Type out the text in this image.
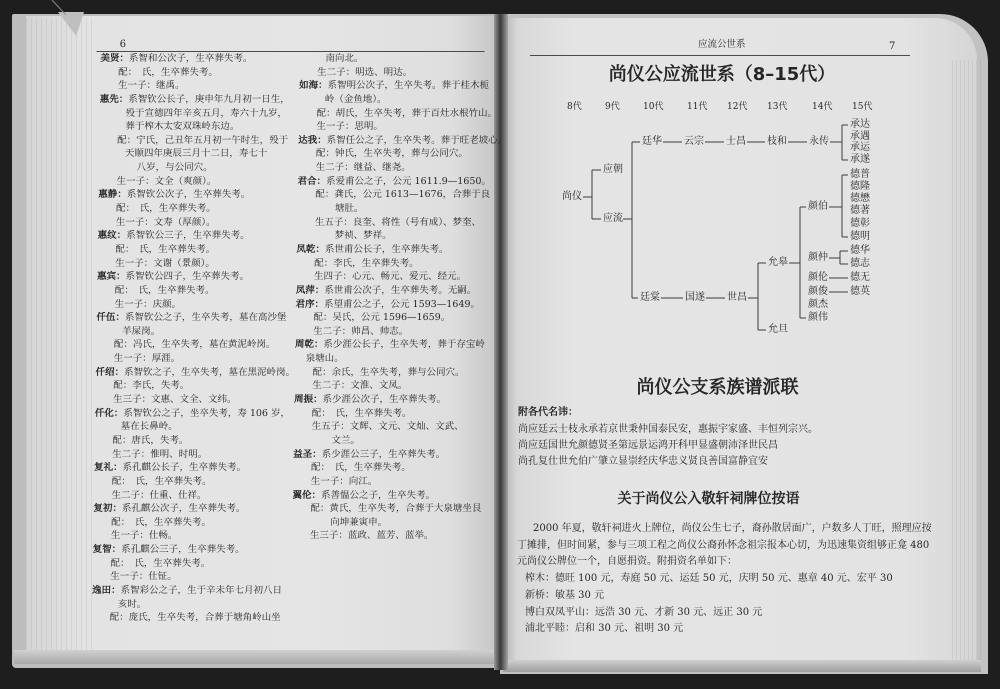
6
美贤：系智和公次子，生卒葬失考。
配：　氏，生卒葬失考。
生一子：继禹。
惠先：系智钦公长子，庚申年九月初一日生，
殁于宣德四年辛亥五月，寿六十九岁，
葬于榨木太安双珠岭东边。
配：宁氏，己丑年五月初一午时生，殁于
天顺四年庚辰三月十二日，寿七十
八岁，与公同穴。
生一子：文全（爽颜）。
惠静：系智钦公次子，生卒葬失考。
配：　氏，生卒葬失考。
生一子：文寿（厚颜）。
惠纹：系智钦公三子，生卒葬失考。
配：　氏，生卒葬失考。
生一子：文谢（景颜）。
惠宾：系智钦公四子，生卒葬失考。
配：　氏，生卒葬失考。
生一子：庆颜。
仟伍：系智钦公之子，生卒失考，墓在高沙堡
羊屎岗。
配：冯氏，生卒失考，墓在黄泥岭岗。
生一子：厚涯。
仟绍：系智钦之子，生卒失考，墓在黑泥岭岗。
配：李氏，失考。
生三子：文惠、文全、文纬。
仟化：系智钦公之子，坐卒失考，寿 106 岁，
墓在长鼻岭。
配：唐氏，失考。
生二子：惟明、时明。
复礼：系孔麒公长子，生卒葬失考。
配：　氏，生卒葬失考。
生二子：仕重、仕祥。
复初：系孔麒公次子，生卒葬失考。
配：　氏，生卒葬失考。
生一子：仕畅。
复智：系孔麒公三子，生卒葬失考。
配：　氏，生卒葬失考。
生一子：仕钲。
逸田：系智彩公之子，生于辛未年七月初八日
亥时。
配：庞氏，生卒失考，合葬于塘角岭山坐
南向北。
生二子：明选、明达。
如海：系智明公次子，生卒失考。葬于桂木栀
岭（金鱼地）。
配：胡氏，生卒失考，葬于百灶水根竹山。
生一子：思明。
达我：系智任公之子，生卒失考。葬于旺老坡心。
配：钟氏，生卒失考，葬与公同穴。
生二子：继益、继尧。
君合：系爱甫公之子，公元 1611.9—1650。
配：龚氏，公元 1613—1676，合葬于良
塘肚。
生五子：良奎、将性（号有成）、梦奎、
梦祯、梦祥。
凤乾：系世甫公长子，生卒葬失考。
配：李氏，生卒葬失考。
生四子：心元、畅元、爱元、经元。
凤萍：系世甫公次子，生卒葬失考。无嗣。
君序：系望甫公之子，公元 1593—1649。
配：吴氏，公元 1596—1659。
生二子：帅昌、帅志。
周乾：系少涯公长子，生卒失考，葬于存宝岭
泉塘山。
配：余氏，生卒失考，葬与公同穴。
生二子：文淮、文凤。
周振：系少涯公次子，生卒葬失考。
配：　氏，生卒葬失考。
生五子：文辉、文元、文灿、文武、
文兰。
益圣：系少涯公三子，生卒葬失考。
配：　氏，生卒葬失考。
生一子：向江。
翼伦：系善愠公之子，生卒失考。
配：黄氏，生卒失考，合葬于大泉塘坐艮
向坤兼寅申。
生三子：蓝政、蓝芳、蓝举。
应流公世系	7
尚仪公应流世系（8–15代）
8代	9代	10代	11代 12代 13代	14代 15代
尚仪
应朝
应流
廷华 云宗 士昌 枝和 永传
承达
承遇
承运
承遂
廷棠	国遂 世昌
允皋
允旦
颜伯
颜仲
颜伦
颜俊
颜杰
颜伟
德普
德隆
德懋
德著
德彰
德明
德华
德志
德无
德英
尚仪公支系族谱派联
附各代名讳：
尚应廷云士枝永承若京世秉仲国泰民安，惠振宇家盛、丰恒列宗兴。
尚应廷国世允颜德贤圣第远景运鸿开科甲显盛朝沛泽世民昌
尚孔复仕世允伯广肇立显崇经庆华忠义贤良善国富静宜安
关于尚仪公入敬轩祠牌位按语
2000 年夏，敬轩祠进火上牌位，尚仪公生七子，裔孙散居面广，户数多人丁旺，照理应按
丁摊排，但时间紧，参与三项工程之尚仪公裔孙怀念祖宗报本心切，为迅速集资组够正龛 480
元尚仪公牌位一个，自愿捐资。附捐资名单如下：
榨木：德旺 100 元，寿庭 50 元、运廷 50 元，庆明 50 元、惠章 40 元、宏平 30
新桥：敏基 30 元
博白双凤平山：远浩 30 元、才新 30 元、远正 30 元
浦北平睦：启和 30 元、祖明 30 元
